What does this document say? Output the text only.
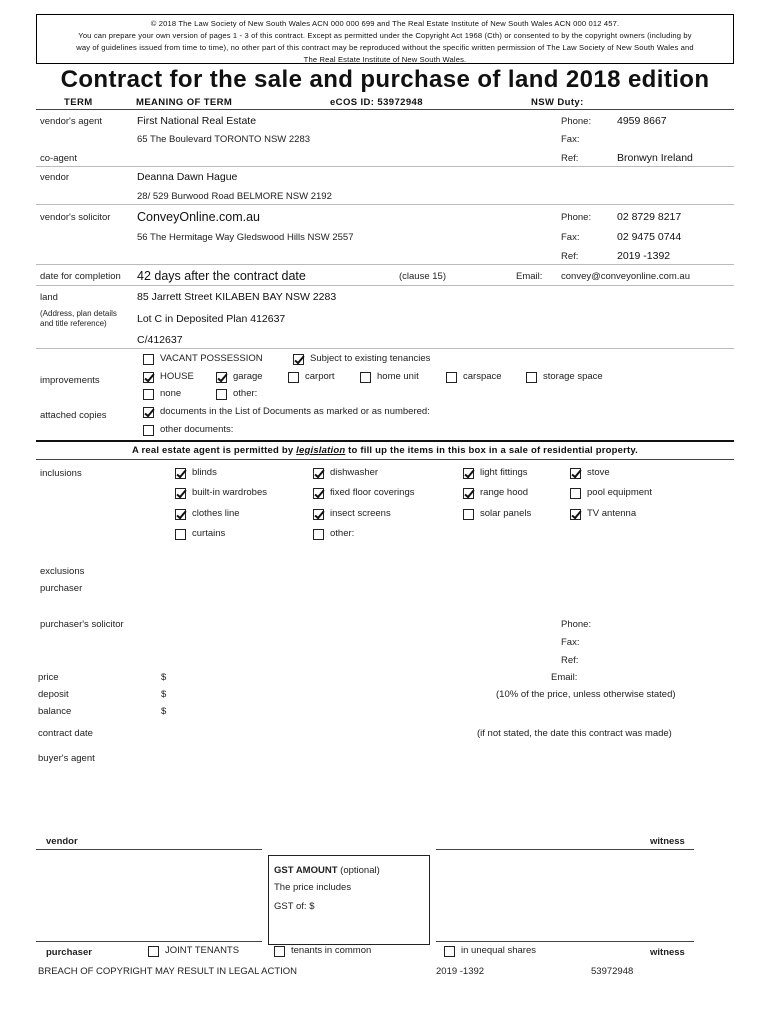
© 2018 The Law Society of New South Wales ACN 000 000 699 and The Real Estate Institute of New South Wales ACN 000 012 457.
You can prepare your own version of pages 1 - 3 of this contract. Except as permitted under the Copyright Act 1968 (Cth) or consented to by the copyright owners (including by
way of guidelines issued from time to time), no other part of this contract may be reproduced without the specific written permission of The Law Society of New South Wales and
The Real Estate Institute of New South Wales.
Contract for the sale and purchase of land 2018 edition
TERM	MEANING OF TERM	eCOS ID: 53972948	NSW Duty:
vendor's agent	First National Real Estate	Phone: 4959 8667
65 The Boulevard TORONTO NSW 2283	Fax:
co-agent	Ref:	Bronwyn Ireland
vendor	Deanna Dawn Hague
28/ 529 Burwood Road BELMORE NSW 2192
vendor's solicitor ConveyOnline.com.au	Phone: 02 8729 8217
56 The Hermitage Way Gledswood Hills NSW 2557	Fax:	02 9475 0744
Ref:	2019 -1392
date for completion 42 days after the contract date	(clause 15)	Email: convey@conveyonline.com.au
land	85 Jarrett Street KILABEN BAY NSW 2283
(Address, plan details and title reference)	Lot C in Deposited Plan 412637
C/412637
VACANT POSSESSION	Subject to existing tenancies
improvements	HOUSE	garage	carport	home unit	carspace	storage space
none	other:
attached copies	documents in the List of Documents as marked or as numbered:
other documents:
A real estate agent is permitted by legislation to fill up the items in this box in a sale of residential property.
inclusions	blinds	dishwasher	light fittings	stove
built-in wardrobes	fixed floor coverings	range hood	pool equipment
clothes line	insect screens	solar panels	TV antenna
curtains	other:
exclusions
purchaser
purchaser's solicitor	Phone:
Fax:
Ref:
price	$	Email:
deposit	$	(10% of the price, unless otherwise stated)
balance	$
contract date	(if not stated, the date this contract was made)
buyer's agent
vendor	witness
GST AMOUNT (optional)
The price includes
GST of: $
purchaser	JOINT TENANTS	tenants in common	in unequal shares	witness
BREACH OF COPYRIGHT MAY RESULT IN LEGAL ACTION	2019 -1392	53972948
